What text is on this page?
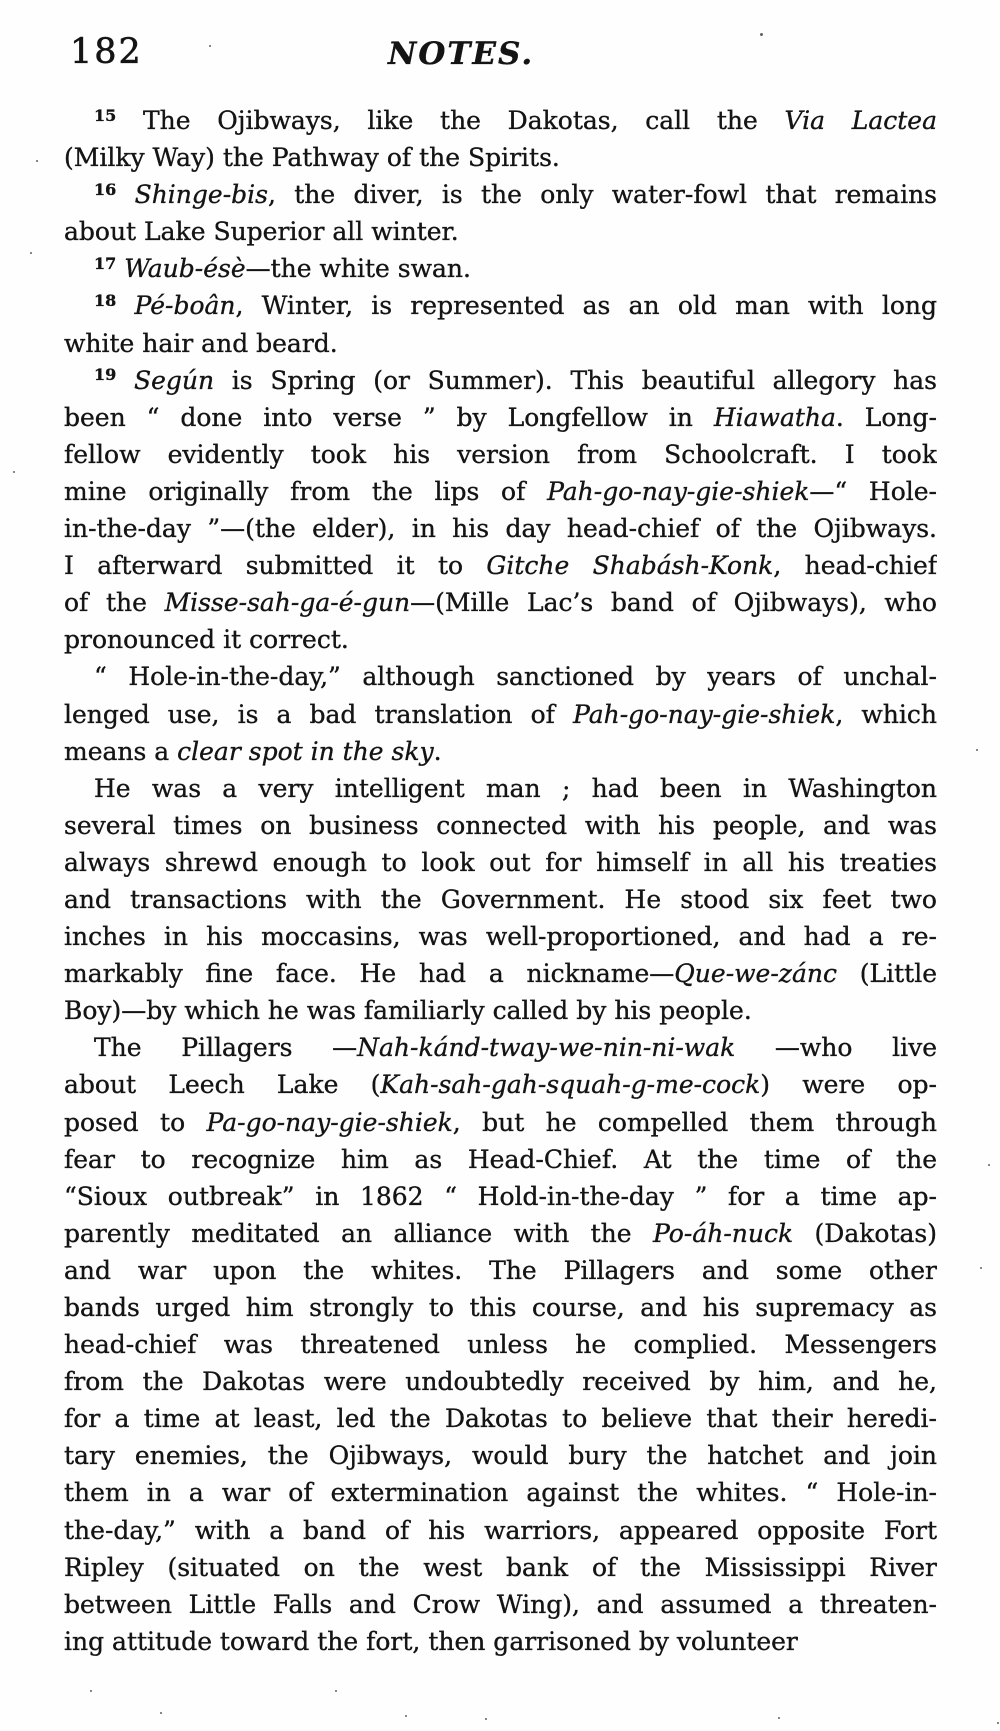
182	NOTES.
$^{15}$ The Ojibways, like the Dakotas, call the Via Lactea
(Milky Way) the Pathway of the Spirits.
$^{16}$ Shinge-bis, the diver, is the only water-fowl that remains
about Lake Superior all winter.
$^{17}$ Waub-ésè—the white swan.
$^{18}$ Pé-boân, Winter, is represented as an old man with long
white hair and beard.
$^{19}$ Según is Spring (or Summer). This beautiful allegory has
been “ done into verse ” by Longfellow in Hiawatha. Long-
fellow evidently took his version from Schoolcraft. I took
mine originally from the lips of Pah-go-nay-gie-shiek—“ Hole-
in-the-day ”—(the elder), in his day head-chief of the Ojibways.
I afterward submitted it to Gitche Shabásh-Konk, head-chief
of the Misse-sah-ga-é-gun—(Mille Lac’s band of Ojibways), who
pronounced it correct.
“ Hole-in-the-day,” although sanctioned by years of unchal-
lenged use, is a bad translation of Pah-go-nay-gie-shiek, which
means a clear spot in the sky.
He was a very intelligent man ; had been in Washington
several times on business connected with his people, and was
always shrewd enough to look out for himself in all his treaties
and transactions with the Government. He stood six feet two
inches in his moccasins, was well-proportioned, and had a re-
markably fine face. He had a nickname—Que-we-zánc (Little
Boy)—by which he was familiarly called by his people.
The Pillagers —Nah-kánd-tway-we-nin-ni-wak —who live
about Leech Lake (Kah-sah-gah-squah-g-me-cock) were op-
posed to Pa-go-nay-gie-shiek, but he compelled them through
fear to recognize him as Head-Chief. At the time of the
“Sioux outbreak” in 1862 “ Hold-in-the-day ” for a time ap-
parently meditated an alliance with the Po-áh-nuck (Dakotas)
and war upon the whites. The Pillagers and some other
bands urged him strongly to this course, and his supremacy as
head-chief was threatened unless he complied. Messengers
from the Dakotas were undoubtedly received by him, and he,
for a time at least, led the Dakotas to believe that their heredi-
tary enemies, the Ojibways, would bury the hatchet and join
them in a war of extermination against the whites. “ Hole-in-
the-day,” with a band of his warriors, appeared opposite Fort
Ripley (situated on the west bank of the Mississippi River
between Little Falls and Crow Wing), and assumed a threaten-
ing attitude toward the fort, then garrisoned by volunteer
